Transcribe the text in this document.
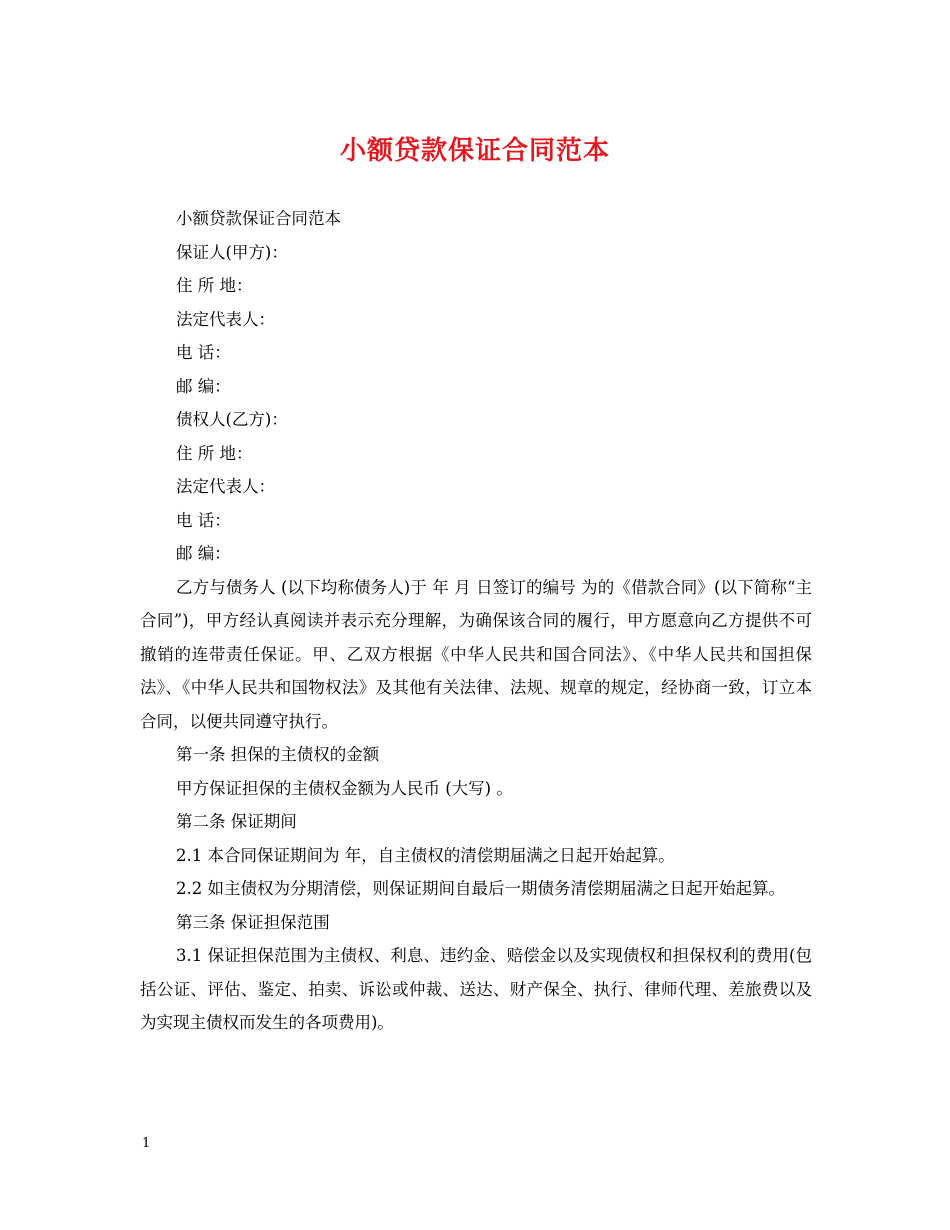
小额贷款保证合同范本
小额贷款保证合同范本
保证人(甲方)：
住 所 地：
法定代表人：
电 话：
邮 编：
债权人(乙方)：
住 所 地：
法定代表人：
电 话：
邮 编：
乙方与债务人 (以下均称债务人)于 年 月 日签订的编号 为的《借款合同》(以下简称“主合同”)，甲方经认真阅读并表示充分理解，为确保该合同的履行，甲方愿意向乙方提供不可撤销的连带责任保证。甲、乙双方根据《中华人民共和国合同法》、《中华人民共和国担保法》、《中华人民共和国物权法》及其他有关法律、法规、规章的规定，经协商一致，订立本合同，以便共同遵守执行。
第一条 担保的主债权的金额
甲方保证担保的主债权金额为人民币 (大写) 。
第二条 保证期间
2.1 本合同保证期间为 年，自主债权的清偿期届满之日起开始起算。
2.2 如主债权为分期清偿，则保证期间自最后一期债务清偿期届满之日起开始起算。
第三条 保证担保范围
3.1 保证担保范围为主债权、利息、违约金、赔偿金以及实现债权和担保权利的费用(包括公证、评估、鉴定、拍卖、诉讼或仲裁、送达、财产保全、执行、律师代理、差旅费以及为实现主债权而发生的各项费用)。
1
